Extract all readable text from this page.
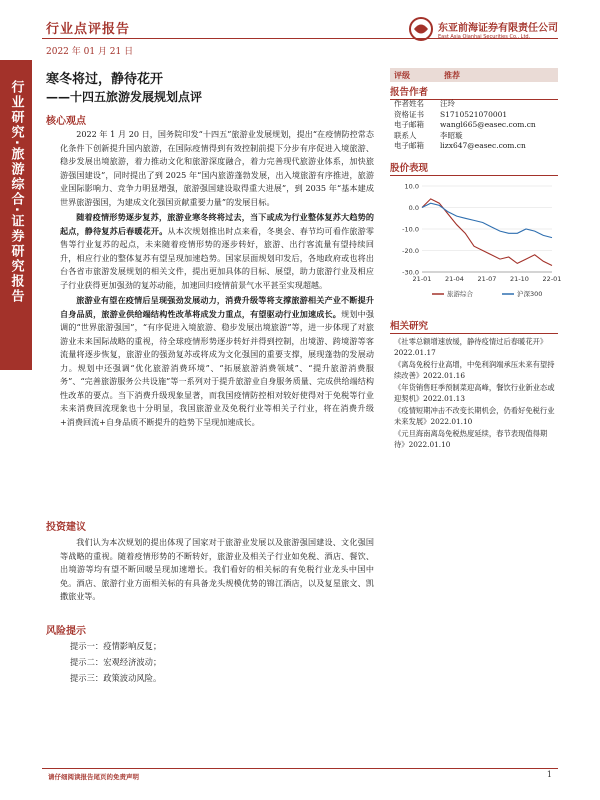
行业点评报告
2022 年 01 月 21 日
东亚前海证券有限责任公司
East Asia Qianhai Securities Co., Ltd.
行业研究·旅游综合·证券研究报告
寒冬将过，静待花开
——十四五旅游发展规划点评
核心观点

2022 年 1 月 20 日，国务院印发“十四五”旅游业发展规划，提出“在疫情防控常态化条件下创新提升国内旅游，在国际疫情得到有效控制前提下分步有序促进入境旅游、稳步发展出境旅游，着力推动文化和旅游深度融合，着力完善现代旅游业体系，加快旅游强国建设”，同时提出了到 2025 年“国内旅游蓬勃发展，出入境旅游有序推进，旅游业国际影响力、竞争力明显增强，旅游强国建设取得重大进展”，到 2035 年“基本建成世界旅游强国，为建成文化强国贡献重要力量”的发展目标。

随着疫情形势逐步复苏，旅游业寒冬终将过去，当下或成为行业整体复苏大趋势的起点，静待复苏后春暖花开。从本次规划推出时点来看，冬奥会、春节均可看作旅游零售等行业复苏的起点，未来随着疫情形势的逐步转好，旅游、出行客流量有望持续回升，相应行业的整体复苏有望呈现加速趋势。国家层面规划印发后，各地政府或也将出台各省市旅游发展规划的相关文件，提出更加具体的目标、展望，助力旅游行业及相应子行业获得更加强劲的复苏动能，加速回归疫情前景气水平甚至实现超越。

旅游业有望在疫情后呈现强劲发展动力，消费升级等将支撑旅游相关产业不断提升自身品质，旅游业供给端结构性改革将成发力重点，有望驱动行业加速成长。规划中强调的“世界旅游强国”，“有序促进入境旅游、稳步发展出境旅游”等，进一步体现了对旅游业未来国际战略的重视，待全球疫情形势逐步转好并得到控制，出境游、跨境游等客流量将逐步恢复，旅游业的强劲复苏或将成为文化强国的重要支撑，展现蓬勃的发展动力。规划中还强调“优化旅游消费环境”、“拓展旅游消费领域”、“提升旅游消费服务”、“完善旅游服务公共设施”等一系列对于提升旅游业自身服务质量、完成供给端结构性改革的要点。当下消费升级现象显著，而我国疫情防控相对较好使得对于免税等行业未来消费回流现象也十分明显，我国旅游业及免税行业等相关子行业，将在消费升级+消费回流+自身品质不断提升的趋势下呈现加速成长。

投资建议

我们认为本次规划的提出体现了国家对于旅游业发展以及旅游强国建设、文化强国等战略的重视。随着疫情形势的不断转好，旅游业及相关子行业如免税、酒店、餐饮、出境游等均有望不断回暖呈现加速增长。我们看好的相关标的有免税行业龙头中国中免。酒店、旅游行业方面相关标的有具备龙头规模优势的锦江酒店，以及复星旅文、凯撒旅业等。

风险提示
提示一：疫情影响反复；
提示二：宏观经济波动；
提示三：政策波动风险。
评级	推荐
报告作者
作者姓名	汪玲
资格证书	S1710521070001
电子邮箱	wangl665@easec.com.cn
联系人	李昭璇
电子邮箱	lizx647@easec.com.cn
股价表现
10.0
0.0
-10.0
-20.0
-30.0
21-01 21-04 21-07 21-10 22-01
旅游综合	沪深300
相关研究
《社零总额增速放缓，静待疫情过后春暖花开》2022.01.17
《离岛免税行业高增，中免利润端承压未来有望持续改善》2022.01.16
《年货销售旺季预制菜迎高峰，餐饮行业新业态或迎契机》2022.01.13
《疫情短期冲击不改变长期机会，仍看好免税行业未来发展》2022.01.10
《元旦海南离岛免税热度延续，春节表现值得期待》2022.01.10
请仔细阅读报告尾页的免责声明	1
